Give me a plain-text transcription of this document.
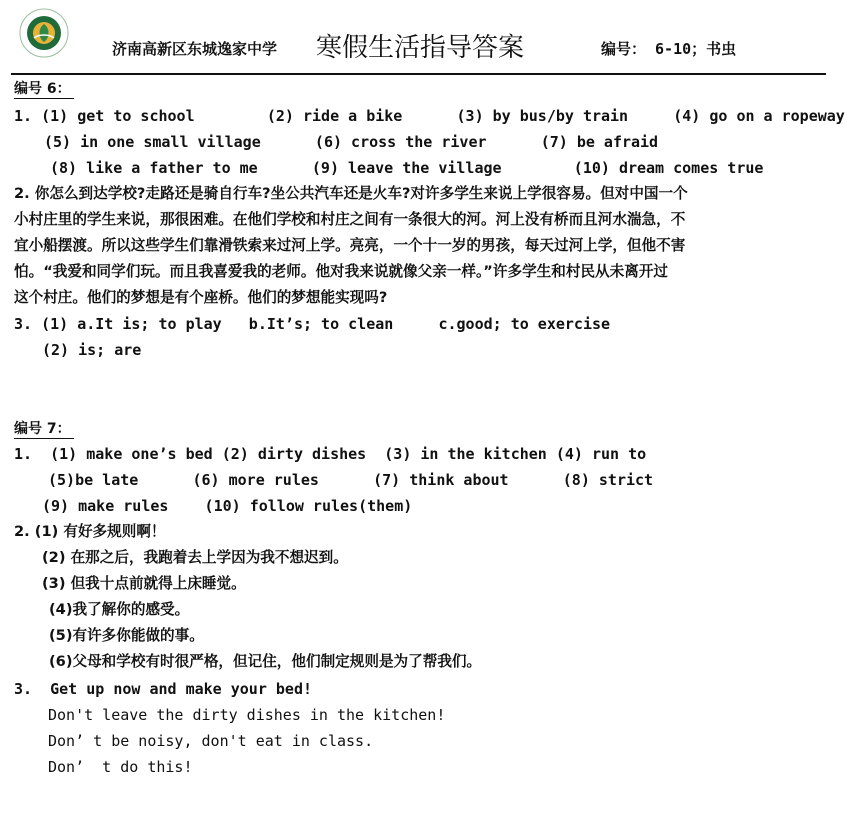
济南高新区东城逸家中学 寒假生活指导答案	编号： 6-10；书虫
编号 6：
1. (1) get to school        (2) ride a bike      (3) by bus/by train     (4) go on a ropeway
(5) in one small village      (6) cross the river      (7) be afraid
(8) like a father to me      (9) leave the village        (10) dream comes true
2. 你怎么到达学校?走路还是骑自行车?坐公共汽车还是火车?对许多学生来说上学很容易。但对中国一个
小村庄里的学生来说，那很困难。在他们学校和村庄之间有一条很大的河。河上没有桥而且河水湍急，不
宜小船摆渡。所以这些学生们靠滑铁索来过河上学。亮亮，一个十一岁的男孩，每天过河上学，但他不害
怕。“我爱和同学们玩。而且我喜爱我的老师。他对我来说就像父亲一样。”许多学生和村民从未离开过
这个村庄。他们的梦想是有个座桥。他们的梦想能实现吗?
3. (1) a.It is; to play   b.It’s; to clean     c.good; to exercise
(2) is; are
编号 7：
1.  (1) make one’s bed (2) dirty dishes  (3) in the kitchen (4) run to
(5)be late      (6) more rules      (7) think about      (8) strict
(9) make rules    (10) follow rules(them)
2. (1) 有好多规则啊！
(2) 在那之后，我跑着去上学因为我不想迟到。
(3) 但我十点前就得上床睡觉。
(4)我了解你的感受。
(5)有许多你能做的事。
(6)父母和学校有时很严格，但记住，他们制定规则是为了帮我们。
3.  Get up now and make your bed!
Don't leave the dirty dishes in the kitchen!
Don’ t be noisy, don't eat in class.
Don’  t do this!
